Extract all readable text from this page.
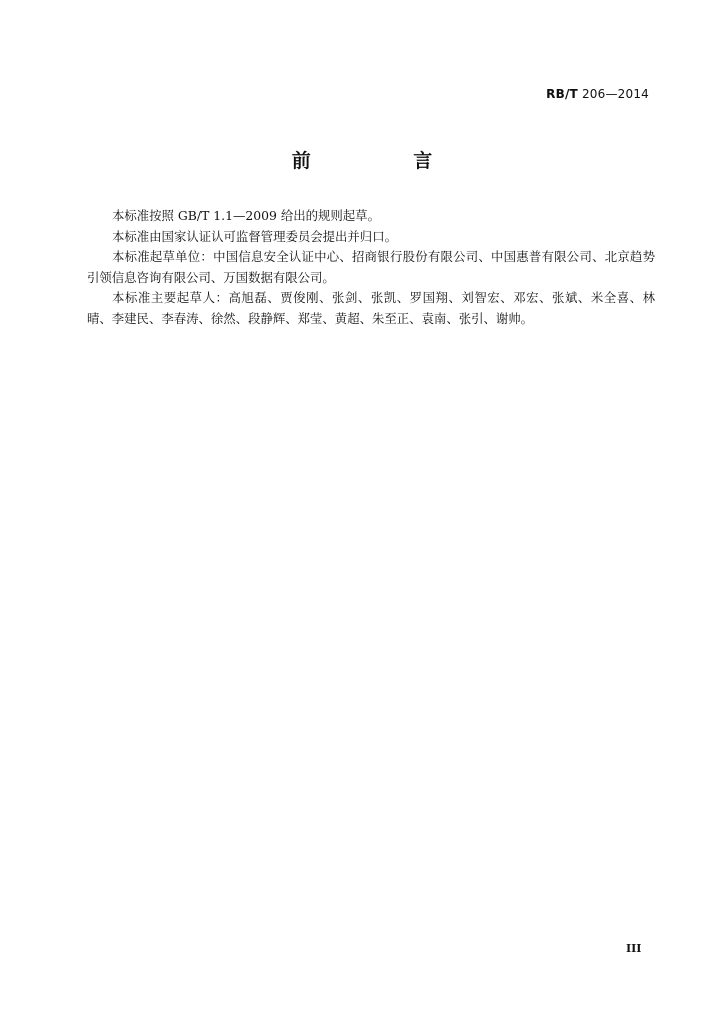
RB/T 206—2014
前 言

本标准按照 GB/T 1.1—2009 给出的规则起草。

本标准由国家认证认可监督管理委员会提出并归口。

本标准起草单位：中国信息安全认证中心、招商银行股份有限公司、中国惠普有限公司、北京趋势引领信息咨询有限公司、万国数据有限公司。

本标准主要起草人：高旭磊、贾俊刚、张剑、张凯、罗国翔、刘智宏、邓宏、张斌、米全喜、林晴、李建民、李春涛、徐然、段静辉、郑莹、黄超、朱至正、袁南、张引、谢帅。

III
